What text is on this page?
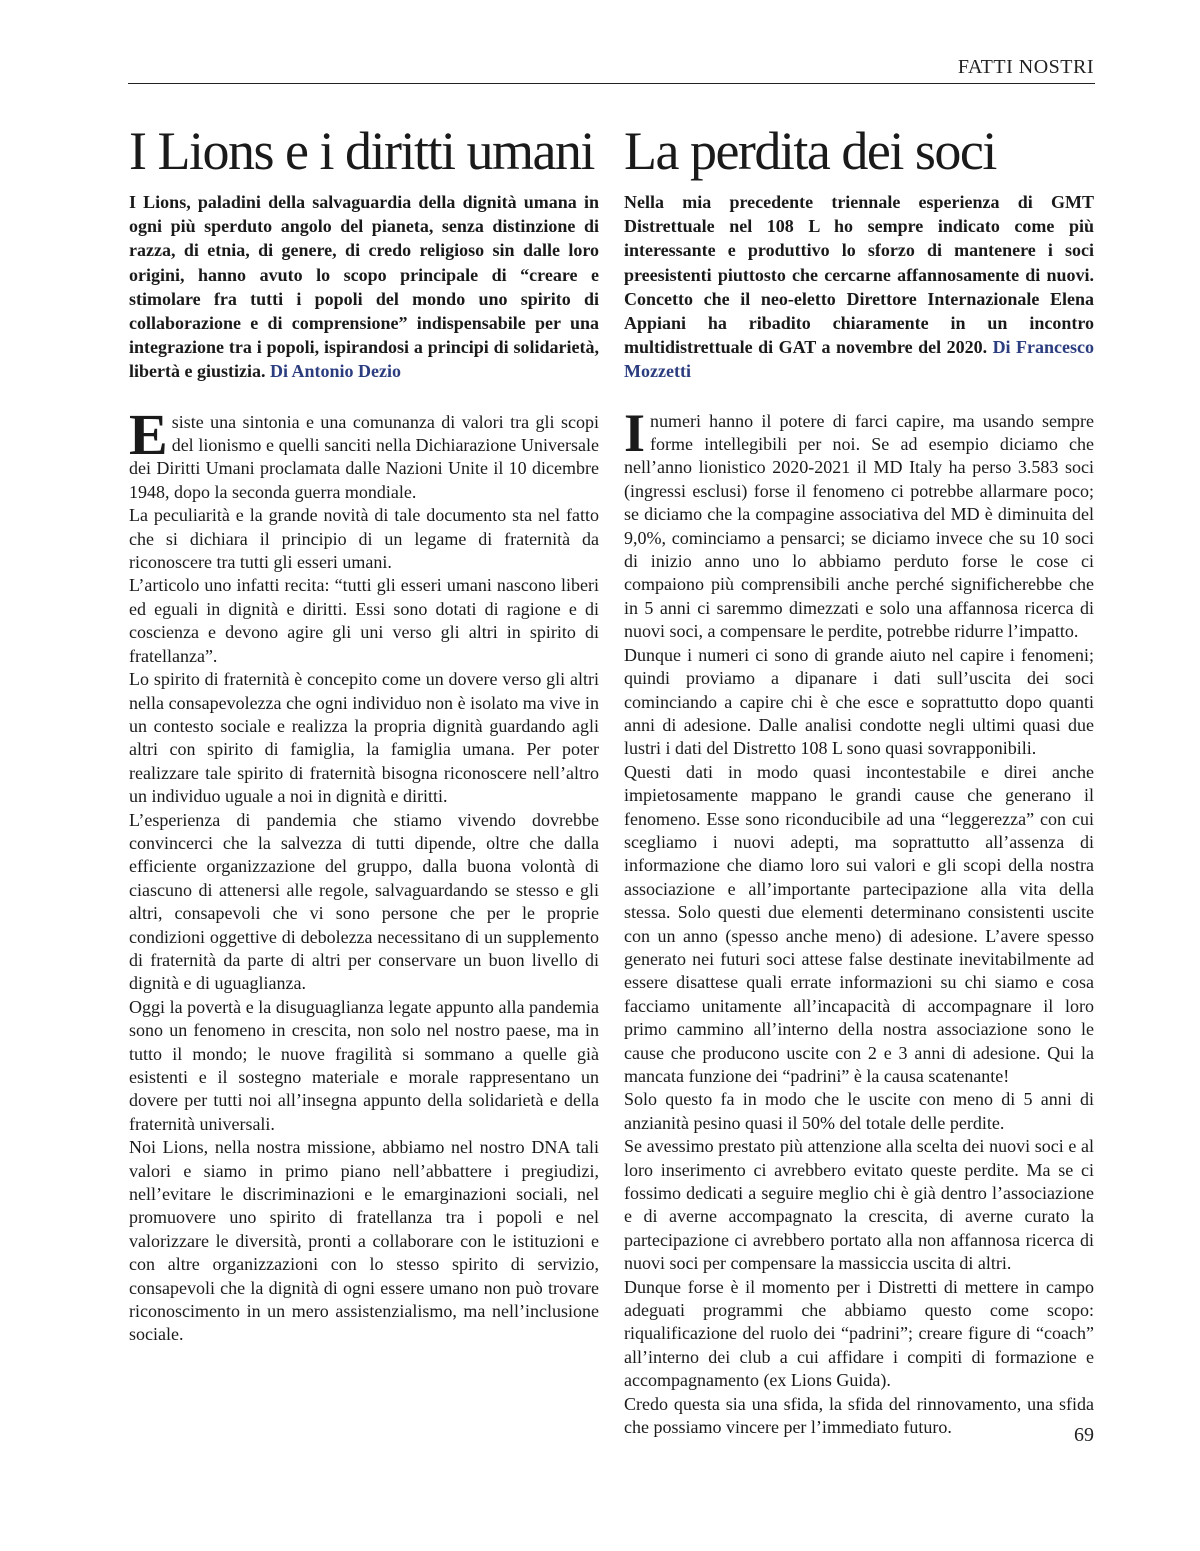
FATTI NOSTRI
I Lions e i diritti umani
I Lions, paladini della salvaguardia della dignità umana in ogni più sperduto angolo del pianeta, senza distinzione di razza, di etnia, di genere, di credo religioso sin dalle loro origini, hanno avuto lo scopo principale di “creare e stimolare fra tutti i popoli del mondo uno spirito di collaborazione e di comprensione” indispensabile per una integrazione tra i popoli, ispirandosi a principi di solidarietà, libertà e giustizia. Di Antonio Dezio

Esiste una sintonia e una comunanza di valori tra gli scopi del lionismo e quelli sanciti nella Dichiarazione Universale dei Diritti Umani proclamata dalle Nazioni Unite il 10 dicembre 1948, dopo la seconda guerra mondiale.

La peculiarità e la grande novità di tale documento sta nel fatto che si dichiara il principio di un legame di fraternità da riconoscere tra tutti gli esseri umani.

L’articolo uno infatti recita: “tutti gli esseri umani nascono liberi ed eguali in dignità e diritti. Essi sono dotati di ragione e di coscienza e devono agire gli uni verso gli altri in spirito di fratellanza”.

Lo spirito di fraternità è concepito come un dovere verso gli altri nella consapevolezza che ogni individuo non è isolato ma vive in un contesto sociale e realizza la propria dignità guardando agli altri con spirito di famiglia, la famiglia umana. Per poter realizzare tale spirito di fraternità bisogna riconoscere nell’altro un individuo uguale a noi in dignità e diritti.

L’esperienza di pandemia che stiamo vivendo dovrebbe convincerci che la salvezza di tutti dipende, oltre che dalla efficiente organizzazione del gruppo, dalla buona volontà di ciascuno di attenersi alle regole, salvaguardando se stesso e gli altri, consapevoli che vi sono persone che per le proprie condizioni oggettive di debolezza necessitano di un supplemento di fraternità da parte di altri per conservare un buon livello di dignità e di uguaglianza.

Oggi la povertà e la disuguaglianza legate appunto alla pandemia sono un fenomeno in crescita, non solo nel nostro paese, ma in tutto il mondo; le nuove fragilità si sommano a quelle già esistenti e il sostegno materiale e morale rappresentano un dovere per tutti noi all’insegna appunto della solidarietà e della fraternità universali.

Noi Lions, nella nostra missione, abbiamo nel nostro DNA tali valori e siamo in primo piano nell’abbattere i pregiudizi, nell’evitare le discriminazioni e le emarginazioni sociali, nel promuovere uno spirito di fratellanza tra i popoli e nel valorizzare le diversità, pronti a collaborare con le istituzioni e con altre organizzazioni con lo stesso spirito di servizio, consapevoli che la dignità di ogni essere umano non può trovare riconoscimento in un mero assistenzialismo, ma nell’inclusione sociale.

La perdita dei soci
Nella mia precedente triennale esperienza di GMT Distrettuale nel 108 L ho sempre indicato come più interessante e produttivo lo sforzo di mantenere i soci preesistenti piuttosto che cercarne affannosamente di nuovi. Concetto che il neo-eletto Direttore Internazionale Elena Appiani ha ribadito chiaramente in un incontro multidistrettuale di GAT a novembre del 2020. Di Francesco Mozzetti

Inumeri hanno il potere di farci capire, ma usando sempre forme intellegibili per noi. Se ad esempio diciamo che nell’anno lionistico 2020-2021 il MD Italy ha perso 3.583 soci (ingressi esclusi) forse il fenomeno ci potrebbe allarmare poco; se diciamo che la compagine associativa del MD è diminuita del 9,0%, cominciamo a pensarci; se diciamo invece che su 10 soci di inizio anno uno lo abbiamo perduto forse le cose ci compaiono più comprensibili anche perché significherebbe che in 5 anni ci saremmo dimezzati e solo una affannosa ricerca di nuovi soci, a compensare le perdite, potrebbe ridurre l’impatto.

Dunque i numeri ci sono di grande aiuto nel capire i fenomeni; quindi proviamo a dipanare i dati sull’uscita dei soci cominciando a capire chi è che esce e soprattutto dopo quanti anni di adesione. Dalle analisi condotte negli ultimi quasi due lustri i dati del Distretto 108 L sono quasi sovrapponibili.

Questi dati in modo quasi incontestabile e direi anche impietosamente mappano le grandi cause che generano il fenomeno. Esse sono riconducibile ad una “leggerezza” con cui scegliamo i nuovi adepti, ma soprattutto all’assenza di informazione che diamo loro sui valori e gli scopi della nostra associazione e all’importante partecipazione alla vita della stessa. Solo questi due elementi determinano consistenti uscite con un anno (spesso anche meno) di adesione. L’avere spesso generato nei futuri soci attese false destinate inevitabilmente ad essere disattese quali errate informazioni su chi siamo e cosa facciamo unitamente all’incapacità di accompagnare il loro primo cammino all’interno della nostra associazione sono le cause che producono uscite con 2 e 3 anni di adesione. Qui la mancata funzione dei “padrini” è la causa scatenante!

Solo questo fa in modo che le uscite con meno di 5 anni di anzianità pesino quasi il 50% del totale delle perdite.

Se avessimo prestato più attenzione alla scelta dei nuovi soci e al loro inserimento ci avrebbero evitato queste perdite. Ma se ci fossimo dedicati a seguire meglio chi è già dentro l’associazione e di averne accompagnato la crescita, di averne curato la partecipazione ci avrebbero portato alla non affannosa ricerca di nuovi soci per compensare la massiccia uscita di altri.

Dunque forse è il momento per i Distretti di mettere in campo adeguati programmi che abbiamo questo come scopo: riqualificazione del ruolo dei “padrini”; creare figure di “coach” all’interno dei club a cui affidare i compiti di formazione e accompagnamento (ex Lions Guida).

Credo questa sia una sfida, la sfida del rinnovamento, una sfida che possiamo vincere per l’immediato futuro.	69
